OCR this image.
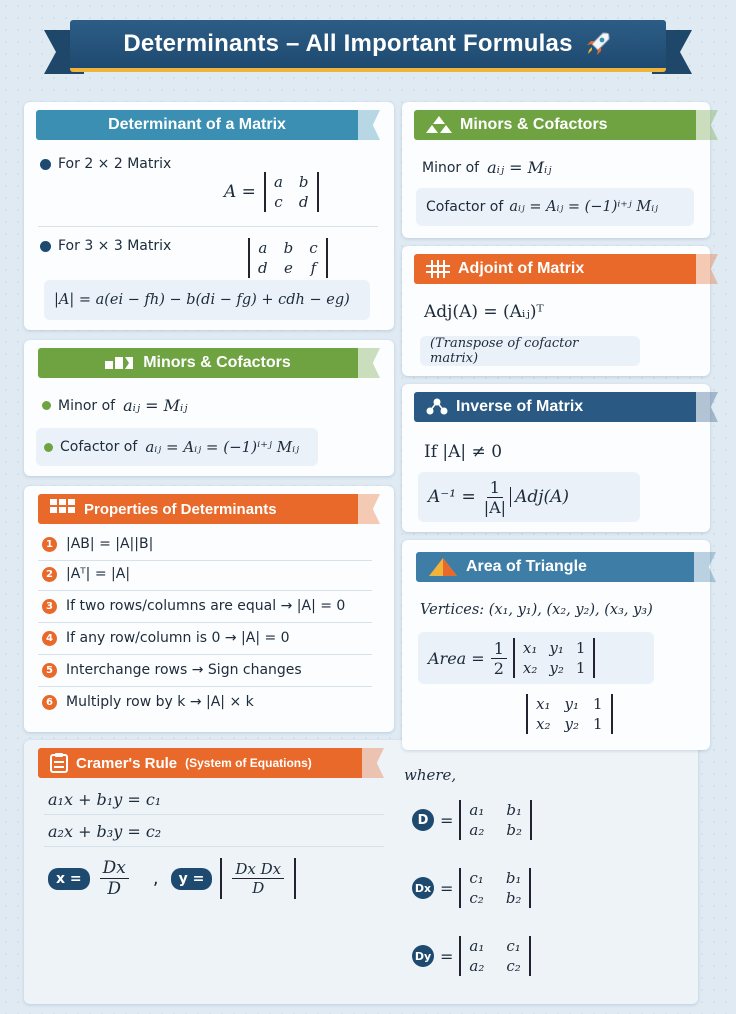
Determinants – All Important Formulas
Determinant of a Matrix
For 2 × 2 Matrix
A = a b
c d
For 3 × 3 Matrix	a b c
d e f
|A| = a(ei − fh) − b(di − fg) + cdh − eg)
Minors & Cofactors
Minor of aᵢⱼ = Mᵢⱼ
Cofactor of aᵢⱼ = Aᵢⱼ = (−1)ⁱ⁺ʲ Mᵢⱼ
Properties of Determinants
1 |AB| = |A||B|
2 |Aᵀ| = |A|
3 If two rows/columns are equal → |A| = 0
4 If any row/column is 0 → |A| = 0
5 Interchange rows → Sign changes
6 Multiply row by k → |A| × k
Cramer's Rule (System of Equations)
a₁x + b₁y = c₁
a₂x + b₃y = c₂
x =	$\frac{Dx}{D}$ ,	y =	$\frac{\text{Dx Dx}}{D}$
Minors & Cofactors
Minor of aᵢⱼ = Mᵢⱼ
Cofactor of aᵢⱼ = Aᵢⱼ = (−1)ⁱ⁺ʲ Mᵢⱼ
Adjoint of Matrix
Adj(A) = (Aᵢⱼ)ᵀ
(Transpose of cofactor matrix)
Inverse of Matrix
If |A| ≠ 0
$A^{-1} = \frac{1}{|A|} Adj(A)$
Area of Triangle
Vertices: (x₁, y₁), (x₂, y₂), (x₃, y₃)
Area = $\frac{1}{2} x_1$ y₁ 1
x₂ y₂ 1
x₁ y₁ 1
x₂ y₂ 1
where,
D =
a₁ b₁
a₂ b₂
Dx =
c₁ b₁
c₂ b₂
Dy =
a₁ c₁
a₂ c₂
